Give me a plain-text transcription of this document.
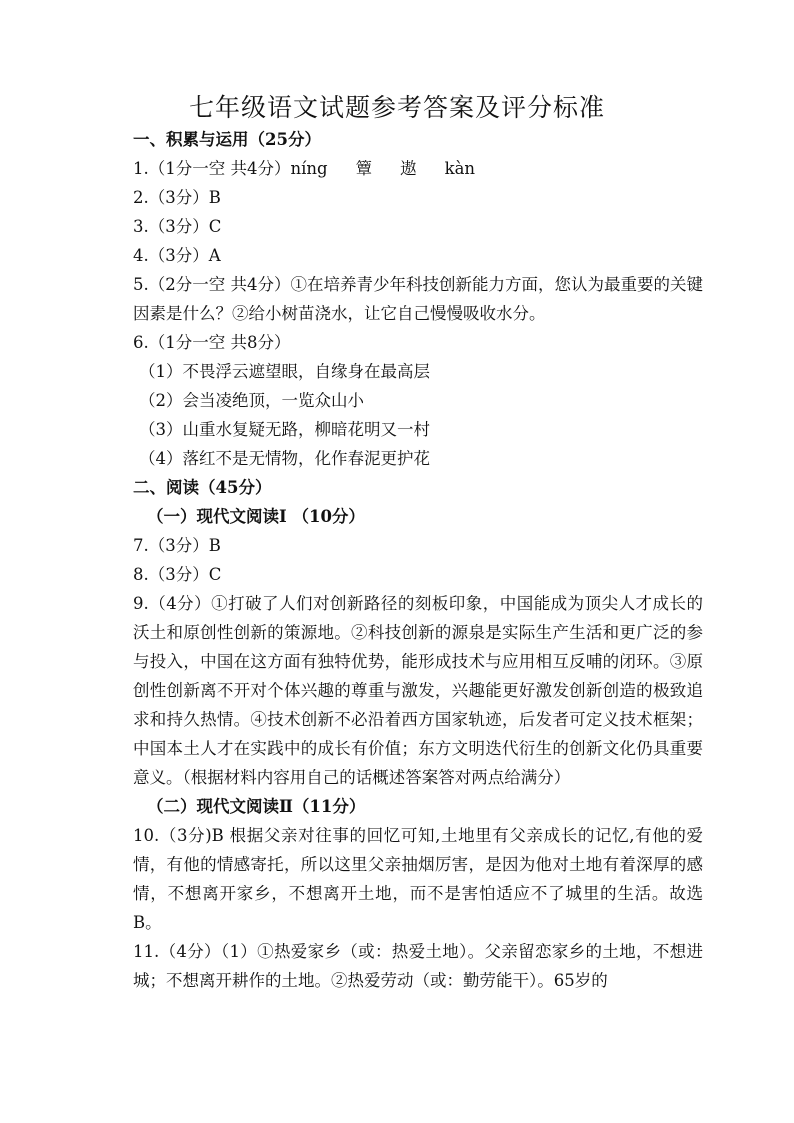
七年级语文试题参考答案及评分标准

一、积累与运用（25分）

1.（1分一空 共4分）níng 簟 遨 kàn

2.（3分）B

3.（3分）C

4.（3分）A

5.（2分一空 共4分）①在培养青少年科技创新能力方面，您认为最重要的关键因素是什么？②给小树苗浇水，让它自己慢慢吸收水分。

6.（1分一空 共8分）

（1）不畏浮云遮望眼，自缘身在最高层

（2）会当凌绝顶，一览众山小

（3）山重水复疑无路，柳暗花明又一村

（4）落红不是无情物，化作春泥更护花

二、阅读（45分）

（一）现代文阅读Ⅰ （10分）

7.（3分）B

8.（3分）C

9.（4分）①打破了人们对创新路径的刻板印象，中国能成为顶尖人才成长的沃土和原创性创新的策源地。②科技创新的源泉是实际生产生活和更广泛的参与投入，中国在这方面有独特优势，能形成技术与应用相互反哺的闭环。③原创性创新离不开对个体兴趣的尊重与激发，兴趣能更好激发创新创造的极致追求和持久热情。④技术创新不必沿着西方国家轨迹，后发者可定义技术框架；中国本土人才在实践中的成长有价值；东方文明迭代衍生的创新文化仍具重要意义。（根据材料内容用自己的话概述答案答对两点给满分）

（二）现代文阅读Ⅱ（11分）

10.（3分)B 根据父亲对往事的回忆可知,土地里有父亲成长的记忆,有他的爱情，有他的情感寄托，所以这里父亲抽烟厉害，是因为他对土地有着深厚的感情，不想离开家乡，不想离开土地，而不是害怕适应不了城里的生活。故选B。

11.（4分）（1）①热爱家乡（或：热爱土地）。父亲留恋家乡的土地，不想进城；不想离开耕作的土地。②热爱劳动（或：勤劳能干）。65岁的
